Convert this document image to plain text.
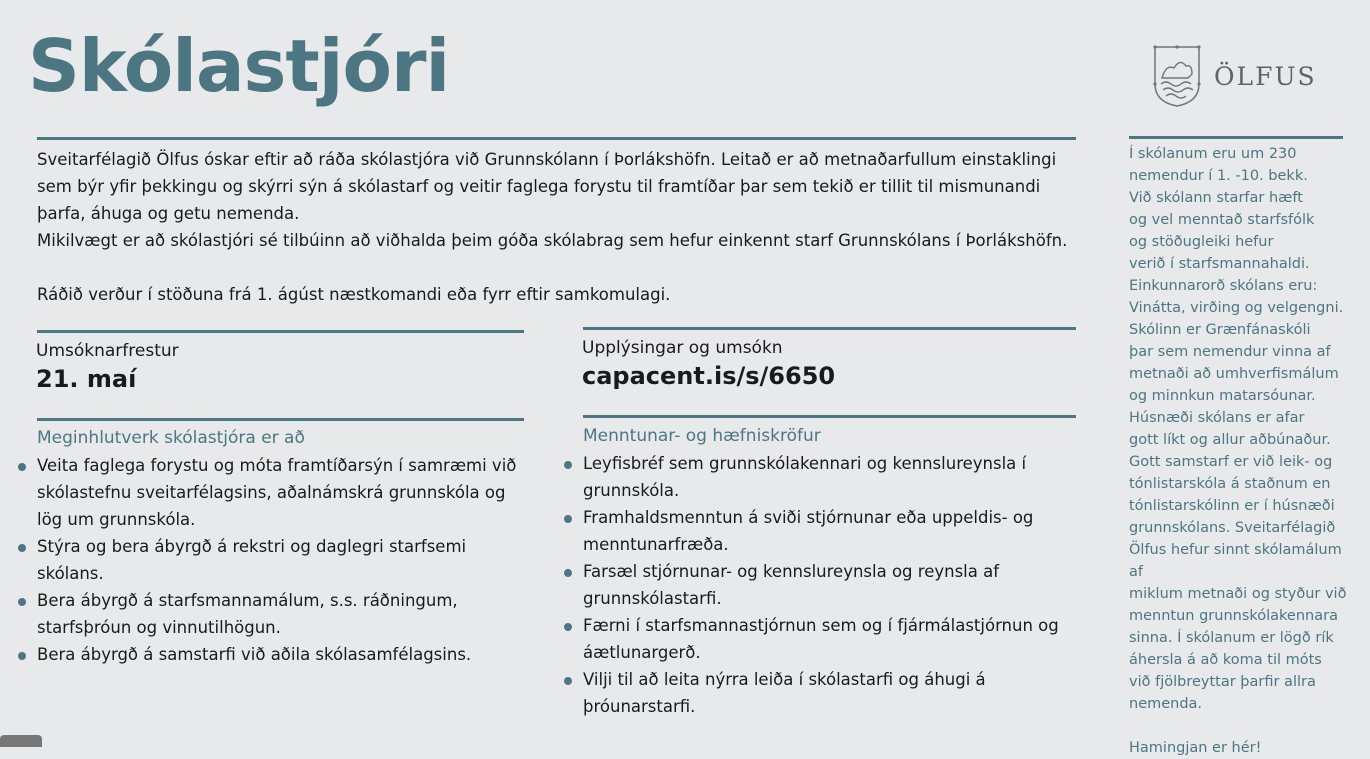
Skólastjóri	ÖLFUS

Sveitarfélagið Ölfus óskar eftir að ráða skólastjóra við Grunnskólann í Þorlákshöfn. Leitað er að metnaðarfullum einstaklingi sem býr yfir þekkingu og skýrri sýn á skólastarf og veitir faglega forystu til framtíðar þar sem tekið er tillit til mismunandi þarfa, áhuga og getu nemenda.

Mikilvægt er að skólastjóri sé tilbúinn að viðhalda þeim góða skólabrag sem hefur einkennt starf Grunnskólans í Þorlákshöfn.

Ráðið verður í stöðuna frá 1. ágúst næstkomandi eða fyrr eftir samkomulagi.

Umsóknarfrestur
21. maí
Meginhlutverk skólastjóra er að
Veita faglega forystu og móta framtíðarsýn í samræmi við skólastefnu sveitarfélagsins, aðalnámskrá grunnskóla og lög um grunnskóla.
Stýra og bera ábyrgð á rekstri og daglegri starfsemi skólans.
Bera ábyrgð á starfsmannamálum, s.s. ráðningum, starfsþróun og vinnutilhögun.
Bera ábyrgð á samstarfi við aðila skólasamfélagsins.
Upplýsingar og umsókn
capacent.is/s/6650
Menntunar- og hæfniskröfur
Leyfisbréf sem grunnskólakennari og kennslureynsla í grunnskóla.
Framhaldsmenntun á sviði stjórnunar eða uppeldis- og menntunarfræða.
Farsæl stjórnunar- og kennslureynsla og reynsla af grunnskólastarfi.
Færni í starfsmannastjórnun sem og í fjármálastjórnun og áætlunargerð.
Vilji til að leita nýrra leiða í skólastarfi og áhugi á þróunarstarfi.

Í skólanum eru um 230
nemendur í 1. -10. bekk.
Við skólann starfar hæft
og vel menntað starfsfólk
og stöðugleiki hefur
verið í starfsmannahaldi.
Einkunnarorð skólans eru:
Vinátta, virðing og velgengni.
Skólinn er Grænfánaskóli
þar sem nemendur vinna af
metnaði að umhverfismálum
og minnkun matarsóunar.
Húsnæði skólans er afar
gott líkt og allur aðbúnaður.
Gott samstarf er við leik- og
tónlistarskóla á staðnum en
tónlistarskólinn er í húsnæði
grunnskólans. Sveitarfélagið
Ölfus hefur sinnt skólamálum af
miklum metnaði og styður við
menntun grunnskólakennara
sinna. Í skólanum er lögð rík
áhersla á að koma til móts
við fjölbreyttar þarfir allra
nemenda.

Hamingjan er hér!
